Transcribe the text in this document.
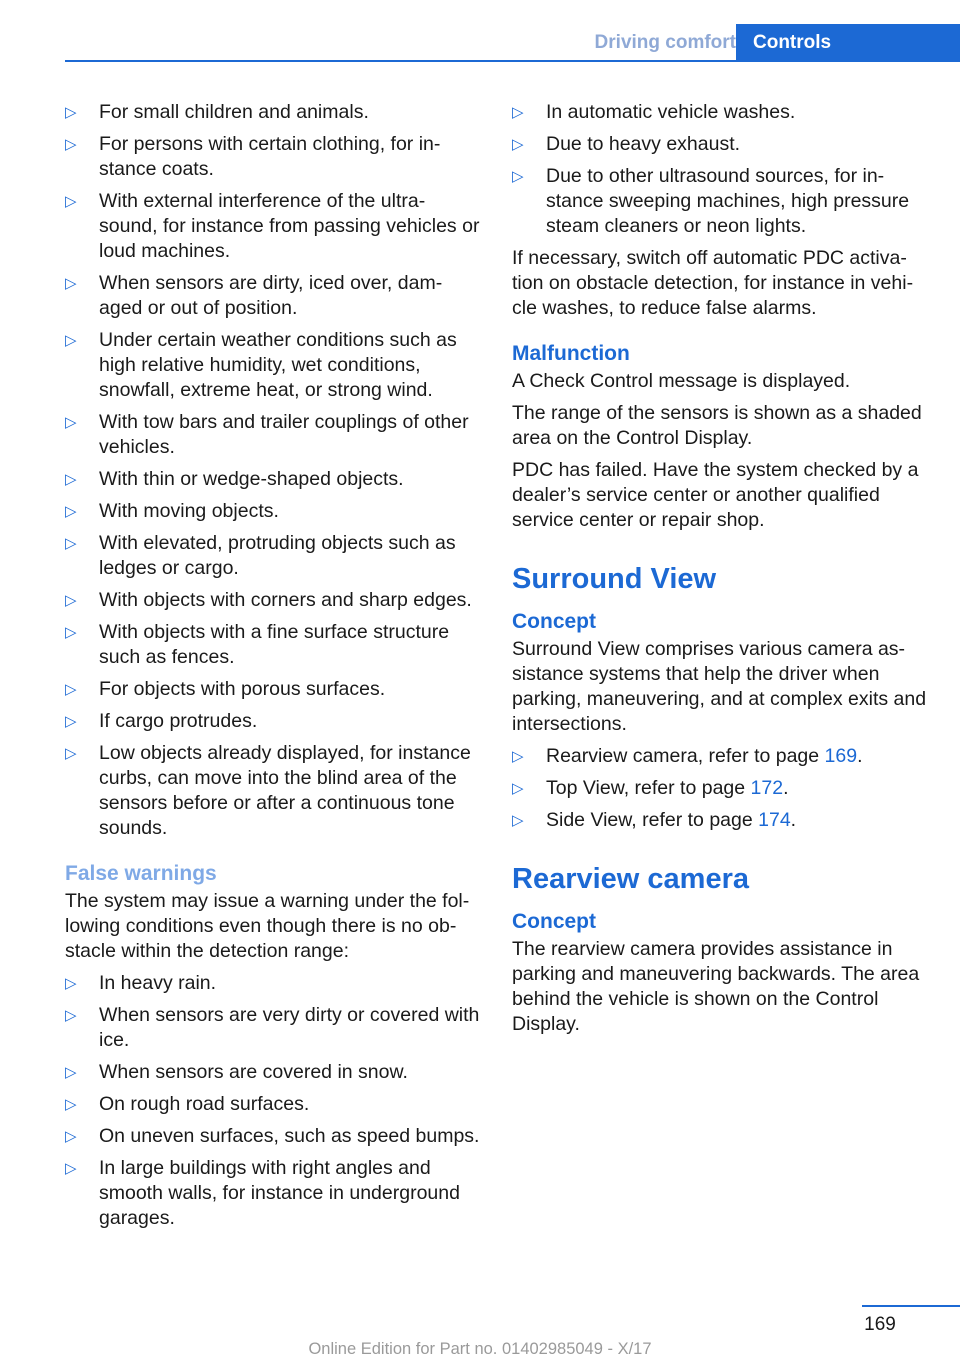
Driving comfort Controls
▷ For small children and animals.
▷ For persons with certain clothing, for in-stance coats.
▷ With external interference of the ultra-sound, for instance from passing vehicles or loud machines.
▷ When sensors are dirty, iced over, dam-aged or out of position.
▷ Under certain weather conditions such as high relative humidity, wet conditions, snowfall, extreme heat, or strong wind.
▷ With tow bars and trailer couplings of other vehicles.
▷ With thin or wedge-shaped objects.
▷ With moving objects.
▷ With elevated, protruding objects such as ledges or cargo.
▷ With objects with corners and sharp edges.
▷ With objects with a fine surface structure such as fences.
▷ For objects with porous surfaces.
▷ If cargo protrudes.
▷ Low objects already displayed, for instance curbs, can move into the blind area of the sensors before or after a continuous tone sounds.
False warnings

The system may issue a warning under the fol-lowing conditions even though there is no ob-stacle within the detection range:

▷ In heavy rain.
▷ When sensors are very dirty or covered with ice.
▷ When sensors are covered in snow.
▷ On rough road surfaces.
▷ On uneven surfaces, such as speed bumps.
▷ In large buildings with right angles and smooth walls, for instance in underground garages.
▷ In automatic vehicle washes.
▷ Due to heavy exhaust.
▷ Due to other ultrasound sources, for in-stance sweeping machines, high pressure steam cleaners or neon lights.

If necessary, switch off automatic PDC activa-tion on obstacle detection, for instance in vehi-cle washes, to reduce false alarms.

Malfunction

A Check Control message is displayed.

The range of the sensors is shown as a shaded area on the Control Display.

PDC has failed. Have the system checked by a dealer’s service center or another qualified service center or repair shop.

Surround View
Concept

Surround View comprises various camera as-sistance systems that help the driver when parking, maneuvering, and at complex exits and intersections.

▷ Rearview camera, refer to page 169.
▷ Top View, refer to page 172.
▷ Side View, refer to page 174.
Rearview camera
Concept

The rearview camera provides assistance in parking and maneuvering backwards. The area behind the vehicle is shown on the Control Display.

169
Online Edition for Part no. 01402985049 - X/17
